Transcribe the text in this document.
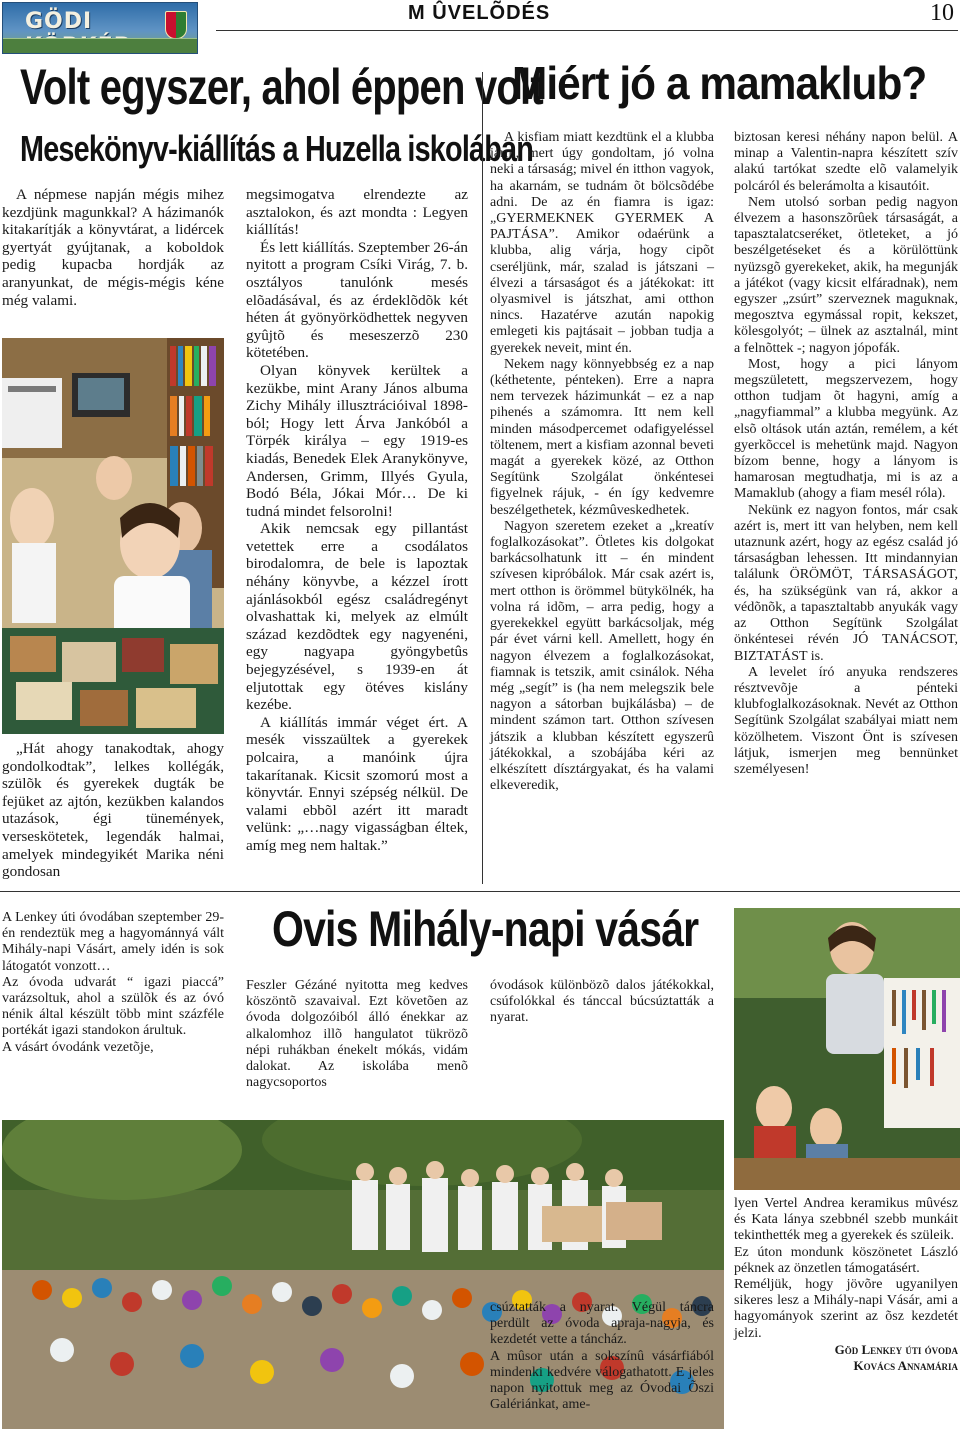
GÖDI	M ÛVELÕDÉS	10
Volt egyszer, ahol éppen volt
Mesekönyv-kiállítás a Huzella iskolában
Miért jó a mamaklub?

A népmese napján mégis mihez kezdjünk magunkkal? A házimanók kitakarítják a könyvtárat, a lidércek gyertyát gyújtanak, a koboldok pedig kupacba hordják az aranyunkat, de mégis-mégis kéne még valami.

„Hát ahogy tanakodtak, ahogy gondolkodtak”, lelkes kollégák, szülõk és gyerekek dugták be fejüket az ajtón, kezükben kalandos utazások, égi tünemények, verseskötetek, legendák halmai, amelyek mindegyikét Marika néni gondosan

megsimogatva elrendezte az asztalokon, és azt mondta : Legyen kiállítás!

És lett kiállítás. Szeptember 26-án nyitott a program Csíki Virág, 7. b. osztályos tanulónk mesés elõadásával, és az érdeklõdõk két héten át gyönyörködhettek negyven gyûjtõ és meseszerzõ 230 kötetében.

Olyan könyvek kerültek a kezükbe, mint Arany János albuma Zichy Mihály illusztrációival 1898-ból; Hogy lett Árva Jankóból a Törpék királya – egy 1919-es kiadás, Benedek Elek Aranykönyve, Andersen, Grimm, Illyés Gyula, Bodó Béla, Jókai Mór… De ki tudná mindet felsorolni!

Akik nemcsak egy pillantást vetettek erre a csodálatos birodalomra, de bele is lapoztak néhány könyvbe, a kézzel írott ajánlásokból egész családregényt olvashattak ki, melyek az elmúlt század kezdõdtek egy nagyenéni, egy nagyapa gyöngybetûs bejegyzésével, s 1939-en át eljutottak egy ötéves kislány kezébe.

A kiállítás immár véget ért. A mesék visszaültek a gyerekek polcaira, a manóink újra takarítanak. Kicsit szomorú most a könyvtár. Ennyi szépség nélkül. De valami ebbõl azért itt maradt velünk: „…nagy vigasságban éltek, amíg meg nem haltak.”

A kisfiam miatt kezdtünk el a klubba járni, mert úgy gondoltam, jó volna neki a társaság; mivel én itthon vagyok, ha akarnám, se tudnám õt bölcsõdébe adni. De az én fiamra is igaz: „GYERMEKNEK GYERMEK A PAJTÁSA”. Amikor odaérünk a klubba, alig várja, hogy cipõt cseréljünk, már, szalad is játszani – élvezi a társaságot és a játékokat: itt olyasmivel is játszhat, ami otthon nincs. Hazatérve azután napokig emlegeti kis pajtásait – jobban tudja a gyerekek neveit, mint én.

Nekem nagy könnyebbség ez a nap (kéthetente, pénteken). Erre a napra nem tervezek házimunkát – ez a nap pihenés a számomra. Itt nem kell minden másodpercemet odafigyeléssel töltenem, mert a kisfiam azonnal beveti magát a gyerekek közé, az Otthon Segítünk Szolgálat önkéntesei figyelnek rájuk, - én így kedvemre beszélgethetek, kézmûveskedhetek.

Nagyon szeretem ezeket a „kreatív foglalkozásokat”. Ötletes kis dolgokat barkácsolhatunk itt – én mindent szívesen kipróbálok. Már csak azért is, mert otthon is örömmel bütykölnék, ha volna rá idõm, – arra pedig, hogy a gyerekekkel együtt barkácsoljak, még pár évet várni kell. Amellett, hogy én nagyon élvezem a foglalkozásokat, fiamnak is tetszik, amit csinálok. Néha még „segít” is (ha nem melegszik bele nagyon a sátorban bujkálásba) – de mindent számon tart. Otthon szívesen játszik a klubban készített egyszerû játékokkal, a szobájába kéri az elkészített dísztárgyakat, és ha valami elkeveredik,

biztosan keresi néhány napon belül. A minap a Valentin-napra készített szív alakú tartókat szedte elõ valamelyik polcáról és belerámolta a kisautóit.

Nem utolsó sorban pedig nagyon élvezem a hasonszõrûek társaságát, a tapasztalatcseréket, ötleteket, a jó beszélgetéseket és a körülöttünk nyüzsgõ gyerekeket, akik, ha megunják a játékot (vagy kicsit elfáradnak), nem egyszer „zsúrt” szerveznek maguknak, megosztva egymással ropit, kekszet, kölesgolyót; – ülnek az asztalnál, mint a felnõttek -; nagyon jópofák.

Most, hogy a pici lányom megszületett, megszervezem, hogy otthon tudjam õt hagyni, amíg a „nagyfiammal” a klubba megyünk. Az elsõ oltások után aztán, remélem, a két gyerkõccel is mehetünk majd. Nagyon bízom benne, hogy a lányom is hamarosan megtudhatja, mi is az a Mamaklub (ahogy a fiam mesél róla).

Nekünk ez nagyon fontos, már csak azért is, mert itt van helyben, nem kell utaznunk azért, hogy az egész család jó társaságban lehessen. Itt mindannyian találunk ÖRÖMÖT, TÁRSASÁGOT, és, ha szükségünk van rá, akkor a védõnõk, a tapasztaltabb anyukák vagy az Otthon Segítünk Szolgálat önkéntesei révén JÓ TANÁCSOT, BIZTATÁST is.

A levelet író anyuka rendszeres résztvevõje a pénteki klubfoglalkozásoknak. Nevét az Otthon Segítünk Szolgálat szabályai miatt nem közölhetem. Viszont Önt is szívesen látjuk, ismerjen meg bennünket személyesen!

Ovis Mihály-napi vásár

A Lenkey úti óvodában szeptember 29-én rendeztük meg a hagyománnyá vált Mihály-napi Vásárt, amely idén is sok látogatót vonzott…

Az óvoda udvarát “ igazi piaccá” varázsoltuk, ahol a szülõk és az óvó nénik által készült több mint százféle portékát igazi standokon árultuk.

A vásárt óvodánk vezetõje,

Feszler Gézáné nyitotta meg kedves köszöntõ szavaival. Ezt követõen az óvoda dolgozóiból álló énekkar az alkalomhoz illõ hangulatot tükrözõ népi ruhákban énekelt mókás, vidám dalokat. Az iskolába menõ nagycsoportos

óvodások különbözõ dalos játékokkal, csúfolókkal és tánccal búcsúztatták a nyarat.

csúztatták a nyarat. Végül táncra perdült az óvoda apraja-nagyja, és kezdetét vette a táncház.

A mûsor után a sokszínû vásárfiából mindenki kedvére válogathatott. E jeles napon nyitottuk meg az Óvodai Õszi Galériánkat, ame-

lyen Vertel Andrea keramikus mûvész és Kata lánya szebbnél szebb munkáit tekinthették meg a gyerekek és szüleik.

Ez úton mondunk köszönetet László péknek az önzetlen támogatásért.

Reméljük, hogy jövõre ugyanilyen sikeres lesz a Mihály-napi Vásár, ami a hagyományok szerint az õsz kezdetét jelzi.

Göd Lenkey úti óvoda

Kovács Annamária
